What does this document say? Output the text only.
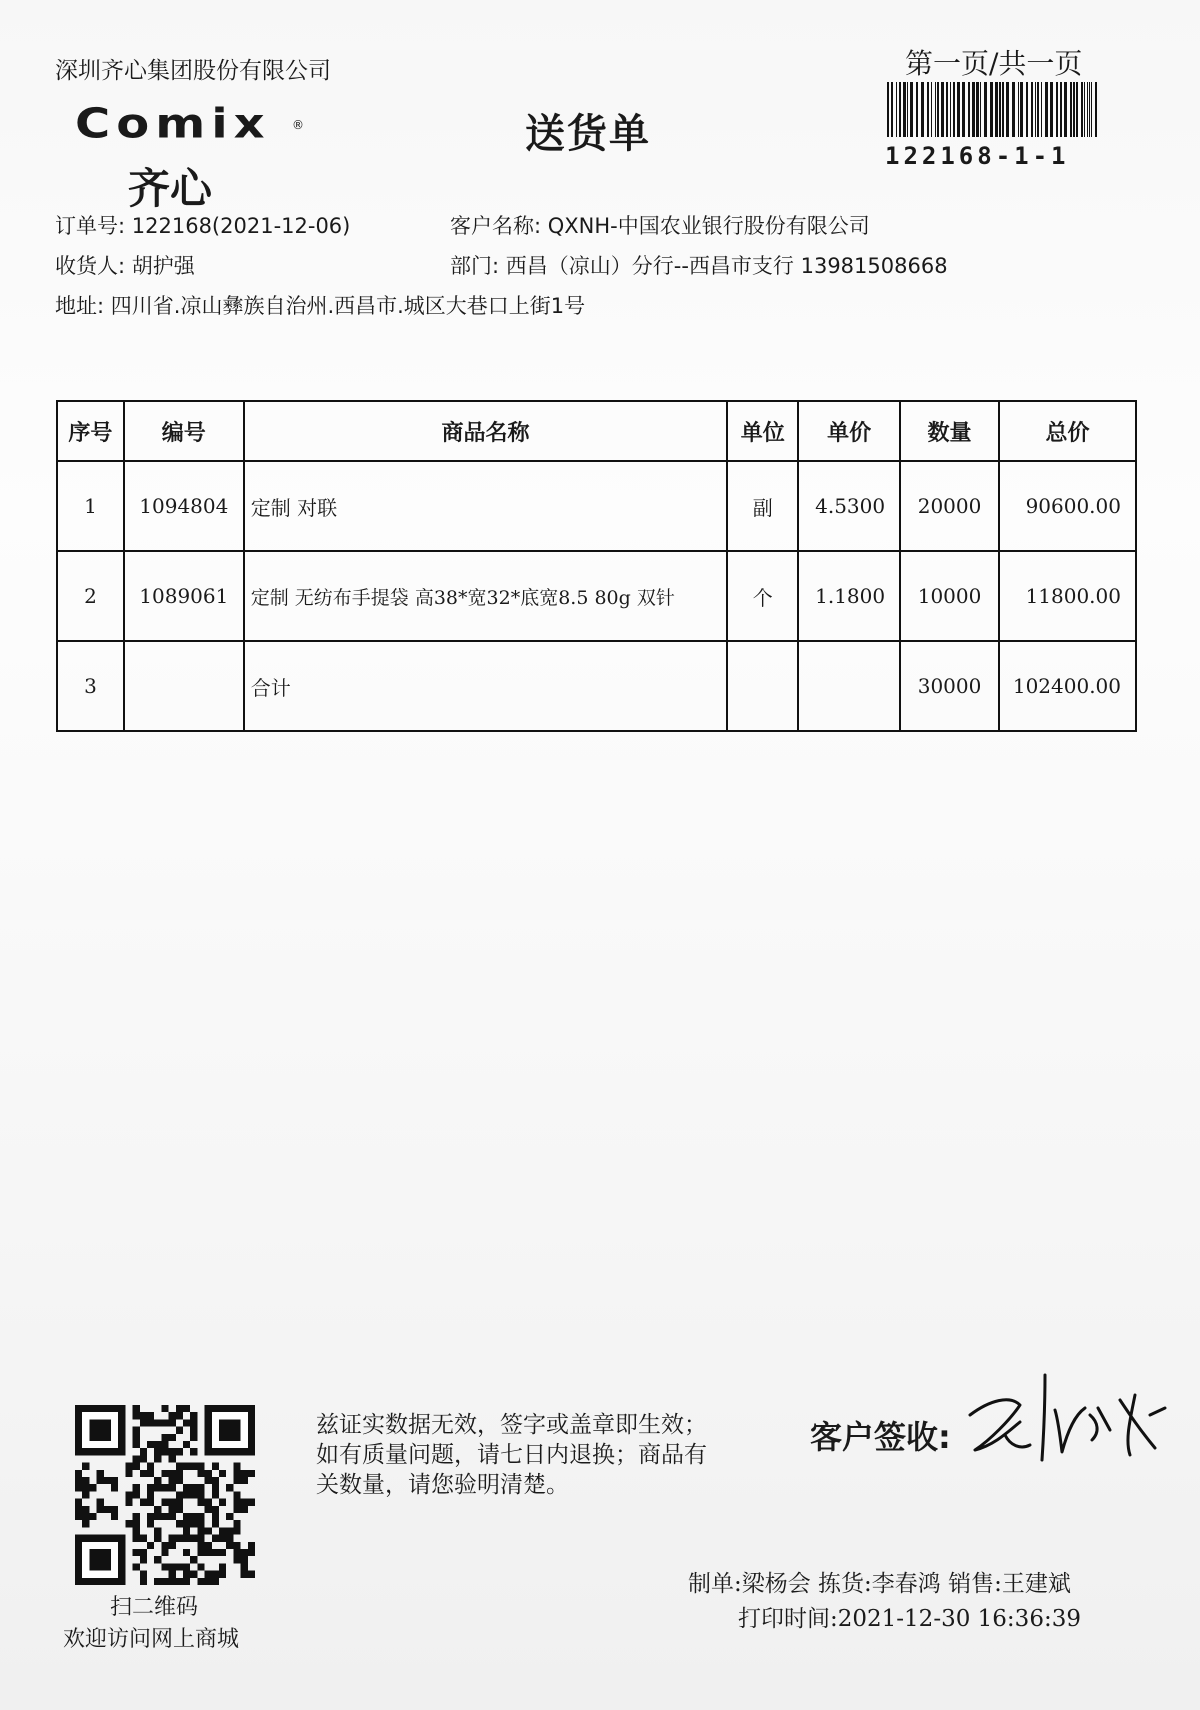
深圳齐心集团股份有限公司	第一页/共一页
122168-1-1
Comix ®
齐心
送货单
订单号: 122168(2021-12-06)	客户名称: QXNH-中国农业银行股份有限公司
收货人: 胡护强	部门: 西昌（凉山）分行--西昌市支行 13981508668
地址: 四川省.凉山彝族自治州.西昌市.城区大巷口上街1号
序号	编号	商品名称	单位	单价	数量	总价
1	1094804	定制 对联	副	4.5300	20000	90600.00
2	1089061	定制 无纺布手提袋 高38*宽32*底宽8.5 80g 双针	个	1.1800	10000	11800.00
3		合计			30000	102400.00
扫二维码
欢迎访问网上商城
兹证实数据无效，签字或盖章即生效；如有质量问题，请七日内退换；商品有关数量，请您验明清楚。
客户签收:
制单:梁杨会 拣货:李春鸿 销售:王建斌
打印时间:2021-12-30 16:36:39
